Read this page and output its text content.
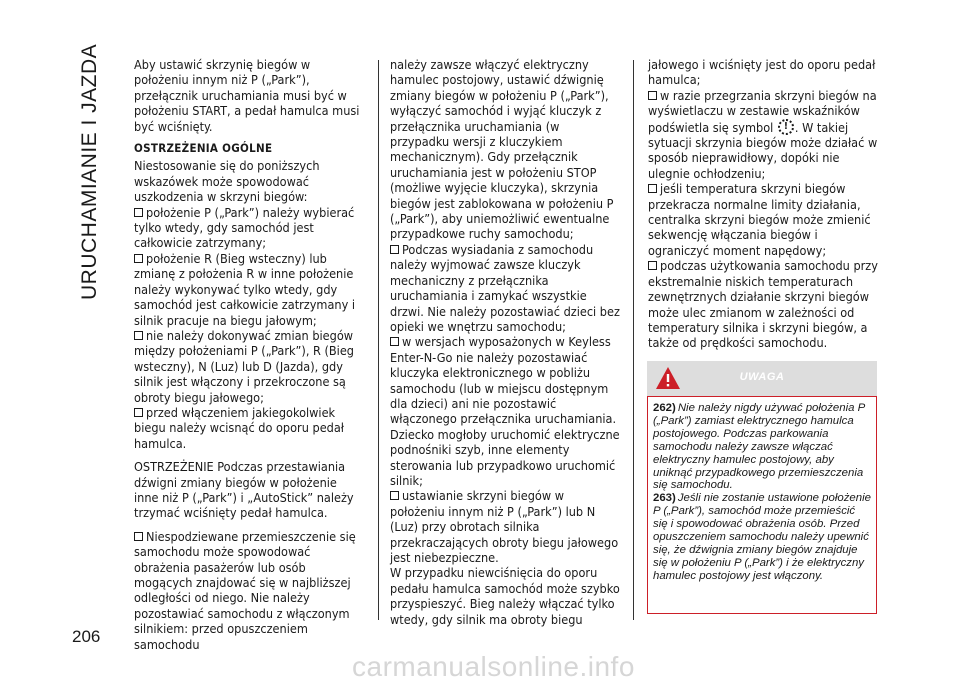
URUCHAMIANIE I JAZDA
206

Aby ustawić skrzynię biegów w położeniu innym niż P („Park”), przełącznik uruchamiania musi być w położeniu START, a pedał hamulca musi być wciśnięty.

OSTRZEŻENIA OGÓLNE

Niestosowanie się do poniższych wskazówek może spowodować uszkodzenia w skrzyni biegów:

położenie P („Park”) należy wybierać tylko wtedy, gdy samochód jest całkowicie zatrzymany;

położenie R (Bieg wsteczny) lub zmianę z położenia R w inne położenie należy wykonywać tylko wtedy, gdy samochód jest całkowicie zatrzymany i silnik pracuje na biegu jałowym;

nie należy dokonywać zmian biegów między położeniami P („Park”), R (Bieg wsteczny), N (Luz) lub D (Jazda), gdy silnik jest włączony i przekroczone są obroty biegu jałowego;

przed włączeniem jakiegokolwiek biegu należy wcisnąć do oporu pedał hamulca.

OSTRZEŻENIE Podczas przestawiania dźwigni zmiany biegów w położenie inne niż P („Park”) i „AutoStick” należy trzymać wciśnięty pedał hamulca.

Niespodziewane przemieszczenie się samochodu może spowodować obrażenia pasażerów lub osób mogących znajdować się w najbliższej odległości od niego. Nie należy pozostawiać samochodu z włączonym silnikiem: przed opuszczeniem samochodu

należy zawsze włączyć elektryczny hamulec postojowy, ustawić dźwignię zmiany biegów w położeniu P („Park”), wyłączyć samochód i wyjąć kluczyk z przełącznika uruchamiania (w przypadku wersji z kluczykiem mechanicznym). Gdy przełącznik uruchamiania jest w położeniu STOP (możliwe wyjęcie kluczyka), skrzynia biegów jest zablokowana w położeniu P („Park”), aby uniemożliwić ewentualne przypadkowe ruchy samochodu;

Podczas wysiadania z samochodu należy wyjmować zawsze kluczyk mechaniczny z przełącznika uruchamiania i zamykać wszystkie drzwi. Nie należy pozostawiać dzieci bez opieki we wnętrzu samochodu;

w wersjach wyposażonych w Keyless Enter-N-Go nie należy pozostawiać kluczyka elektronicznego w pobliżu samochodu (lub w miejscu dostępnym dla dzieci) ani nie pozostawić włączonego przełącznika uruchamiania. Dziecko mogłoby uruchomić elektryczne podnośniki szyb, inne elementy sterowania lub przypadkowo uruchomić silnik;

ustawianie skrzyni biegów w położeniu innym niż P („Park”) lub N (Luz) przy obrotach silnika przekraczających obroty biegu jałowego jest niebezpieczne.

W przypadku niewciśnięcia do oporu pedału hamulca samochód może szybko przyspieszyć. Bieg należy włączać tylko wtedy, gdy silnik ma obroty biegu

jałowego i wciśnięty jest do oporu pedał hamulca;

w razie przegrzania skrzyni biegów na wyświetlaczu w zestawie wskaźników podświetla się symbol ! . W takiej sytuacji skrzynia biegów może działać w sposób nieprawidłowy, dopóki nie ulegnie ochłodzeniu;

jeśli temperatura skrzyni biegów przekracza normalne limity działania, centralka skrzyni biegów może zmienić sekwencję włączania biegów i ograniczyć moment napędowy;

podczas użytkowania samochodu przy ekstremalnie niskich temperaturach zewnętrznych działanie skrzyni biegów może ulec zmianom w zależności od temperatury silnika i skrzyni biegów, a także od prędkości samochodu.

UWAGA

262) Nie należy nigdy używać położenia P („Park”) zamiast elektrycznego hamulca postojowego. Podczas parkowania samochodu należy zawsze włączać elektryczny hamulec postojowy, aby uniknąć przypadkowego przemieszczenia się samochodu.

263) Jeśli nie zostanie ustawione położenie P („Park”), samochód może przemieścić się i spowodować obrażenia osób. Przed opuszczeniem samochodu należy upewnić się, że dźwignia zmiany biegów znajduje się w położeniu P („Park”) i że elektryczny hamulec postojowy jest włączony.

carmanualsonline.info
